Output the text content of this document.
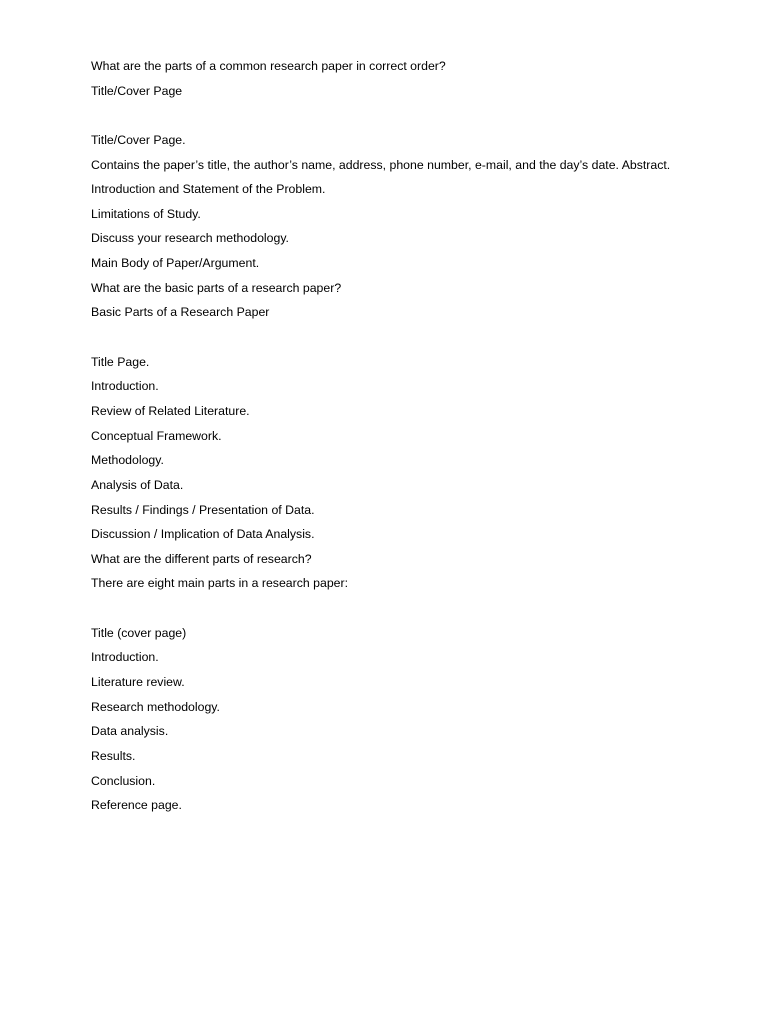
What are the parts of a common research paper in correct order?
Title/Cover Page
Title/Cover Page.
Contains the paper’s title, the author’s name, address, phone number, e-mail, and the day’s date. Abstract.
Introduction and Statement of the Problem.
Limitations of Study.
Discuss your research methodology.
Main Body of Paper/Argument.
What are the basic parts of a research paper?
Basic Parts of a Research Paper
Title Page.
Introduction.
Review of Related Literature.
Conceptual Framework.
Methodology.
Analysis of Data.
Results / Findings / Presentation of Data.
Discussion / Implication of Data Analysis.
What are the different parts of research?
There are eight main parts in a research paper:
Title (cover page)
Introduction.
Literature review.
Research methodology.
Data analysis.
Results.
Conclusion.
Reference page.
